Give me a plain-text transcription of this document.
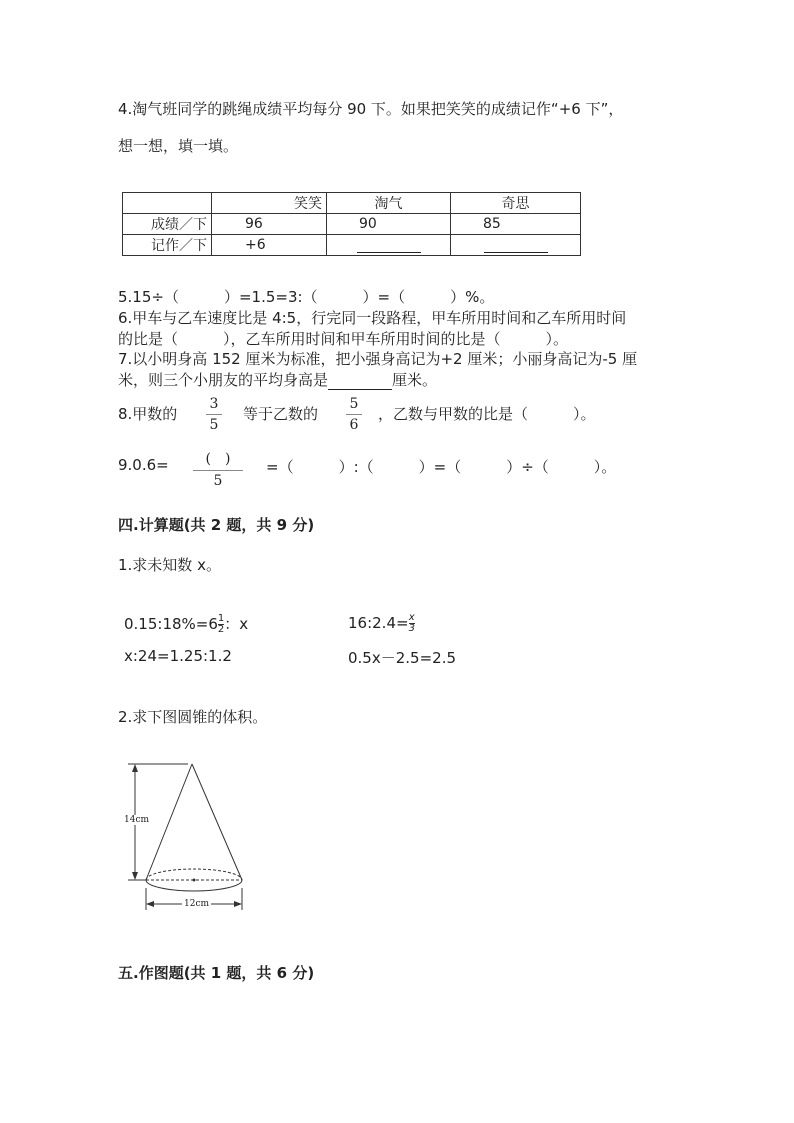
4.淘气班同学的跳绳成绩平均每分 90 下。如果把笑笑的成绩记作“+6 下”，
想一想，填一填。
	笑笑	淘气	奇思
成绩／下	96	90	85
记作／下	+6		
5.15÷（　　　）=1.5=3:（　　　）=（　　　）%。
6.甲车与乙车速度比是 4:5，行完同一段路程，甲车所用时间和乙车所用时间
的比是（　　　），乙车所用时间和甲车所用时间的比是（　　　）。
7.以小明身高 152 厘米为标准，把小强身高记为+2 厘米；小丽身高记为-5 厘
米，则三个小朋友的平均身高是	厘米。
8.甲数的
3
5
等于乙数的
5
6
，乙数与甲数的比是（　　　）。
9.0.6=	(　)
5
=（　　　）:（　　　）=（　　　）÷（　　　）。
四.计算题(共 2 题，共 9 分)
1.求未知数 x。
0.15:18%=6 $\frac{1}{2}$ ：x	16:2.4= $\frac{x}{3}$
x:24=1.25:1.2	0.5x－2.5=2.5
2.求下图圆锥的体积。
14cm
12cm
五.作图题(共 1 题，共 6 分)
